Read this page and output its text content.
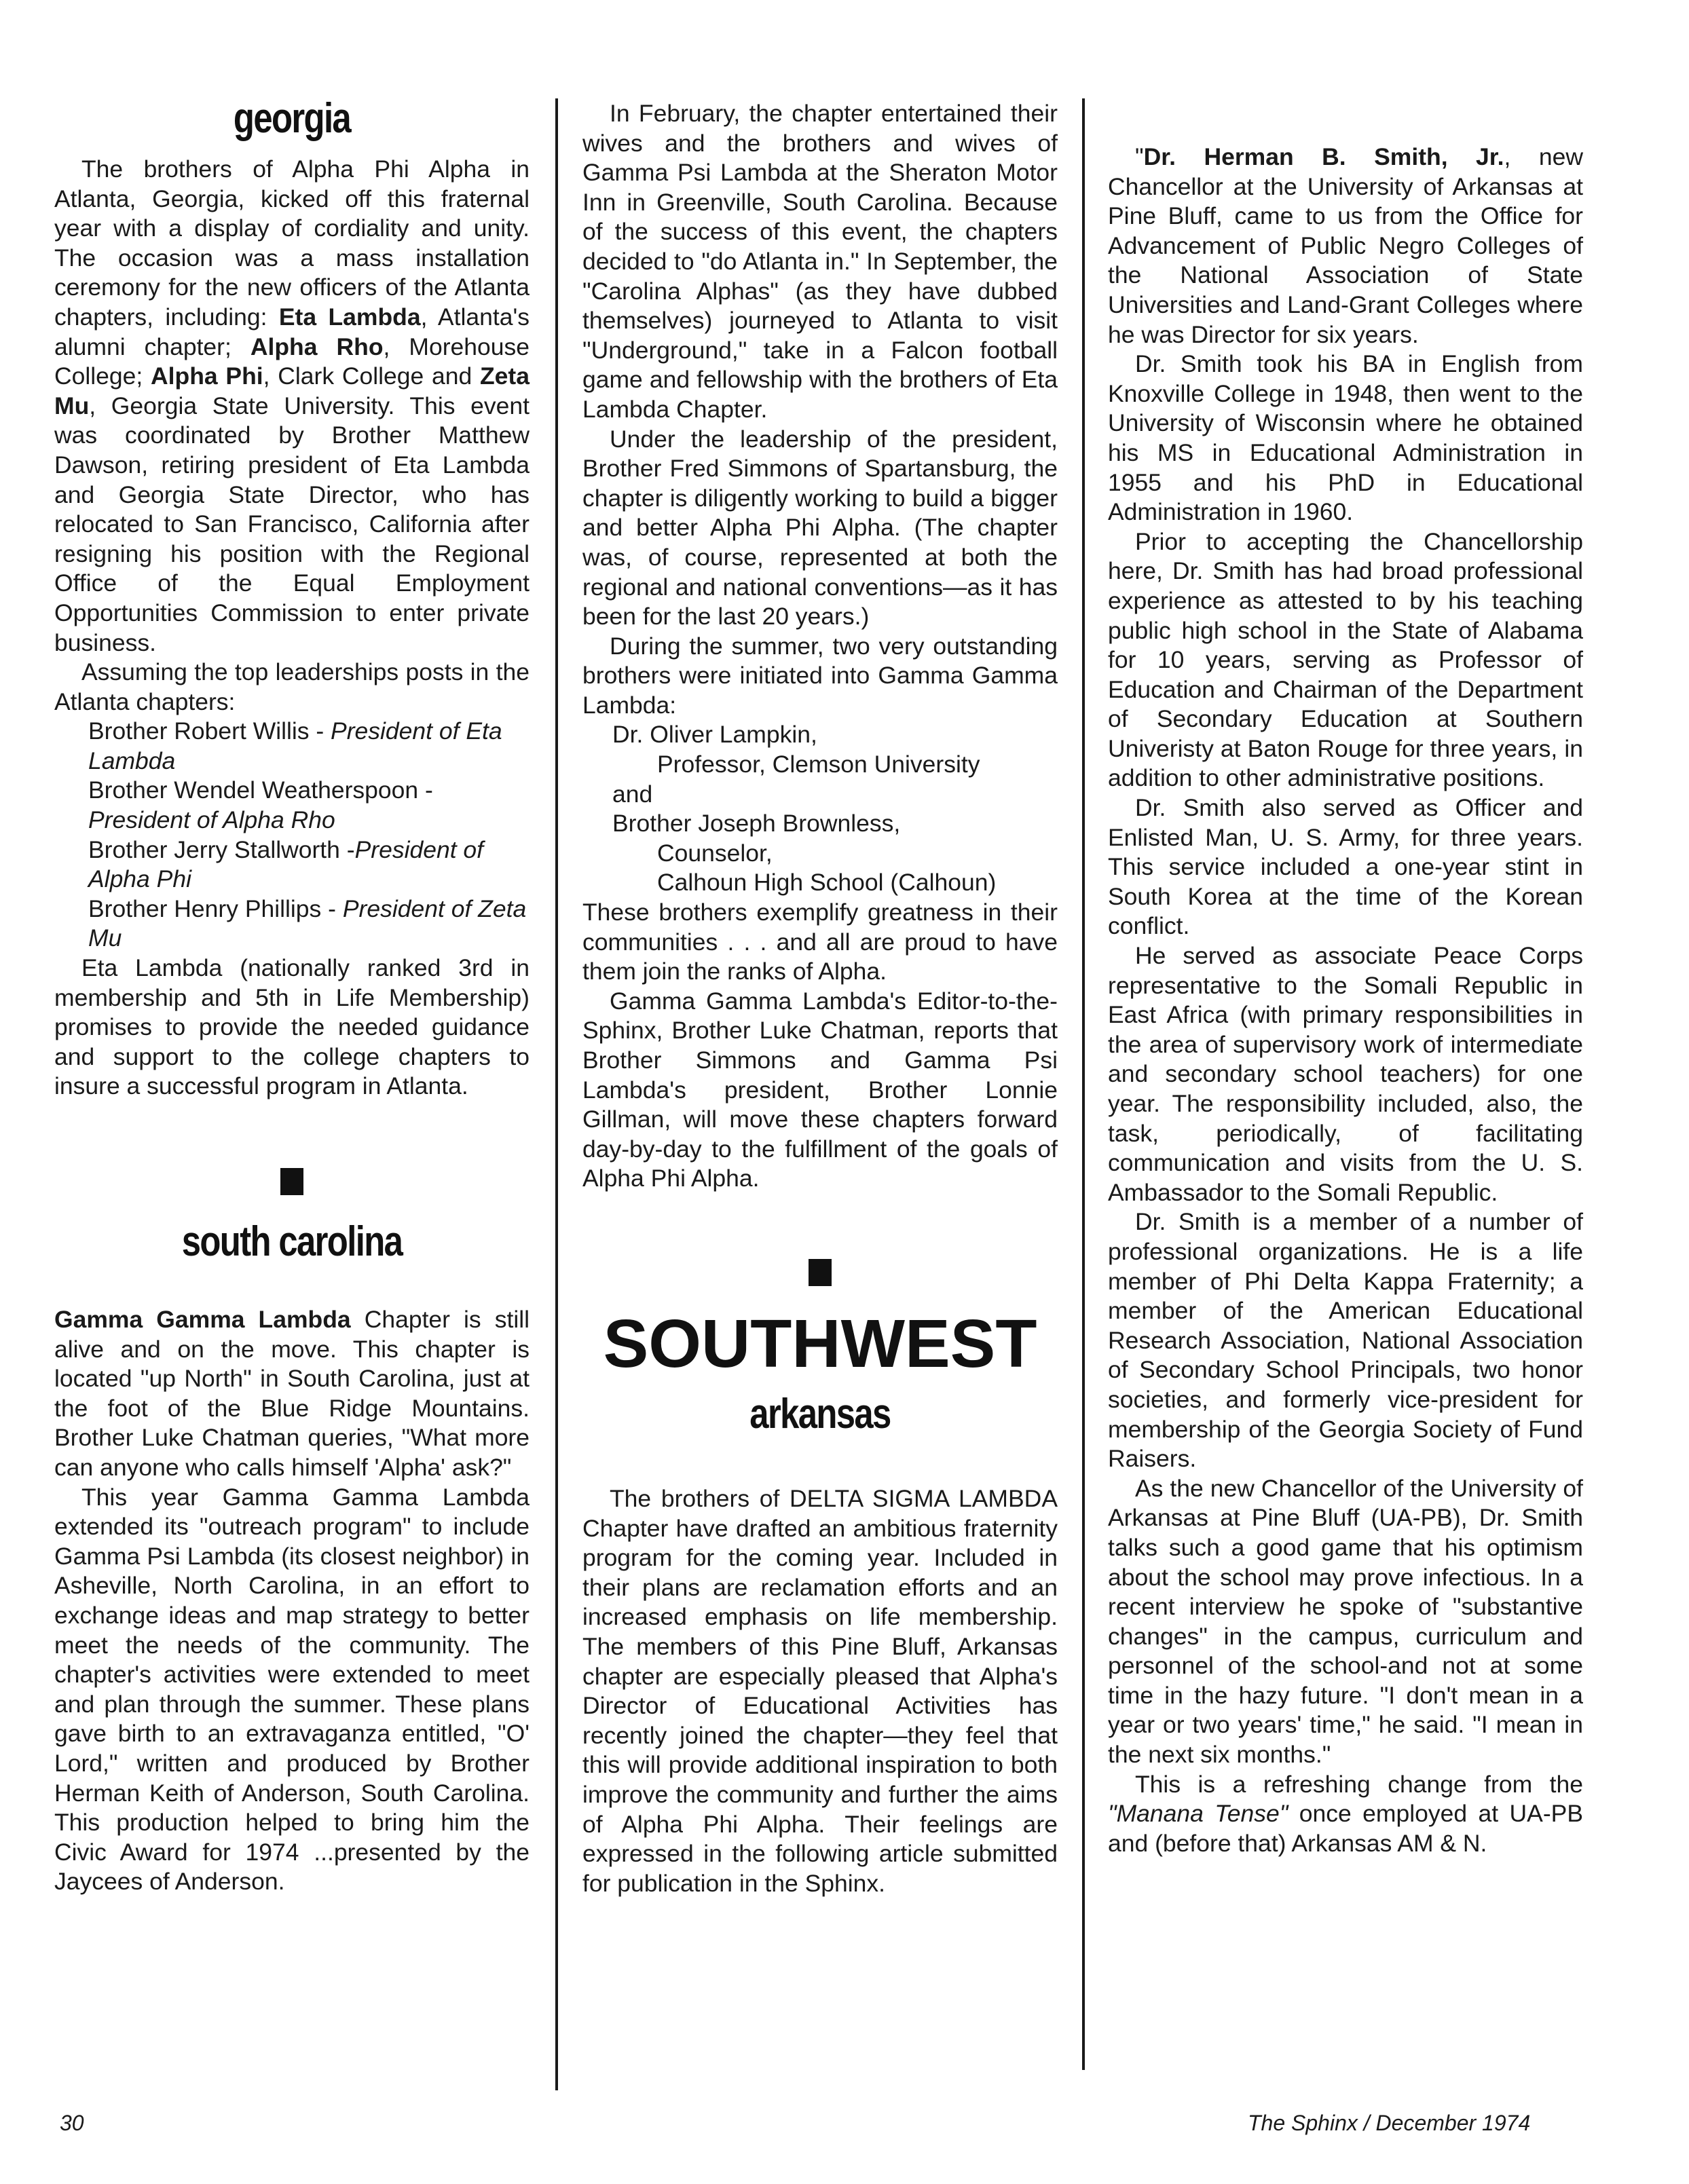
georgia

The brothers of Alpha Phi Alpha in Atlanta, Georgia, kicked off this fraternal year with a display of cordiality and unity. The occasion was a mass installation ceremony for the new officers of the Atlanta chapters, including: Eta Lambda, Atlanta's alumni chapter; Alpha Rho, Morehouse College; Alpha Phi, Clark College and Zeta Mu, Georgia State University. This event was coordinated by Brother Matthew Dawson, retiring president of Eta Lambda and Georgia State Director, who has relocated to San Francisco, California after resigning his position with the Regional Office of the Equal Employment Opportunities Commission to enter private business.

Assuming the top leaderships posts in the Atlanta chapters:

Brother Robert Willis - President of Eta Lambda

Brother Wendel Weatherspoon - President of Alpha Rho

Brother Jerry Stallworth -President of Alpha Phi

Brother Henry Phillips - President of Zeta Mu

Eta Lambda (nationally ranked 3rd in membership and 5th in Life Membership) promises to provide the needed guidance and support to the college chapters to insure a successful program in Atlanta.

south carolina

Gamma Gamma Lambda Chapter is still alive and on the move. This chapter is located "up North" in South Carolina, just at the foot of the Blue Ridge Mountains. Brother Luke Chatman queries, "What more can anyone who calls himself 'Alpha' ask?"

This year Gamma Gamma Lambda extended its "outreach program" to include Gamma Psi Lambda (its closest neighbor) in Asheville, North Carolina, in an effort to exchange ideas and map strategy to better meet the needs of the community. The chapter's activities were extended to meet and plan through the summer. These plans gave birth to an extravaganza entitled, "O' Lord," written and produced by Brother Herman Keith of Anderson, South Carolina. This production helped to bring him the Civic Award for 1974 ...presented by the Jaycees of Anderson.

In February, the chapter entertained their wives and the brothers and wives of Gamma Psi Lambda at the Sheraton Motor Inn in Greenville, South Carolina. Because of the success of this event, the chapters decided to "do Atlanta in." In September, the "Carolina Alphas" (as they have dubbed themselves) journeyed to Atlanta to visit "Underground," take in a Falcon football game and fellowship with the brothers of Eta Lambda Chapter.

Under the leadership of the president, Brother Fred Simmons of Spartansburg, the chapter is diligently working to build a bigger and better Alpha Phi Alpha. (The chapter was, of course, represented at both the regional and national conventions—as it has been for the last 20 years.)

During the summer, two very outstanding brothers were initiated into Gamma Gamma Lambda:

Dr. Oliver Lampkin,

Professor, Clemson University

and

Brother Joseph Brownless,

Counselor,

Calhoun High School (Calhoun)

These brothers exemplify greatness in their communities . . . and all are proud to have them join the ranks of Alpha.

Gamma Gamma Lambda's Editor-to-the-Sphinx, Brother Luke Chatman, reports that Brother Simmons and Gamma Psi Lambda's president, Brother Lonnie Gillman, will move these chapters forward day-by-day to the fulfillment of the goals of Alpha Phi Alpha.

SOUTHWEST
arkansas

The brothers of DELTA SIGMA LAMBDA Chapter have drafted an ambitious fraternity program for the coming year. Included in their plans are reclamation efforts and an increased emphasis on life membership. The members of this Pine Bluff, Arkansas chapter are especially pleased that Alpha's Director of Educational Activities has recently joined the chapter—they feel that this will provide additional inspiration to both improve the community and further the aims of Alpha Phi Alpha. Their feelings are expressed in the following article submitted for publication in the Sphinx.

"Dr. Herman B. Smith, Jr., new Chancellor at the University of Arkansas at Pine Bluff, came to us from the Office for Advancement of Public Negro Colleges of the National Association of State Universities and Land-Grant Colleges where he was Director for six years.

Dr. Smith took his BA in English from Knoxville College in 1948, then went to the University of Wisconsin where he obtained his MS in Educational Administration in 1955 and his PhD in Educational Administration in 1960.

Prior to accepting the Chancellorship here, Dr. Smith has had broad professional experience as attested to by his teaching public high school in the State of Alabama for 10 years, serving as Professor of Education and Chairman of the Department of Secondary Education at Southern Univeristy at Baton Rouge for three years, in addition to other administrative positions.

Dr. Smith also served as Officer and Enlisted Man, U. S. Army, for three years. This service included a one-year stint in South Korea at the time of the Korean conflict.

He served as associate Peace Corps representative to the Somali Republic in East Africa (with primary responsibilities in the area of supervisory work of intermediate and secondary school teachers) for one year. The responsibility included, also, the task, periodically, of facilitating communication and visits from the U. S. Ambassador to the Somali Republic.

Dr. Smith is a member of a number of professional organizations. He is a life member of Phi Delta Kappa Fraternity; a member of the American Educational Research Association, National Association of Secondary School Principals, two honor societies, and formerly vice-president for membership of the Georgia Society of Fund Raisers.

As the new Chancellor of the University of Arkansas at Pine Bluff (UA-PB), Dr. Smith talks such a good game that his optimism about the school may prove infectious. In a recent interview he spoke of "substantive changes" in the campus, curriculum and personnel of the school-and not at some time in the hazy future. "I don't mean in a year or two years' time," he said. "I mean in the next six months."

This is a refreshing change from the "Manana Tense" once employed at UA-PB and (before that) Arkansas AM & N.

30	The Sphinx / December 1974
